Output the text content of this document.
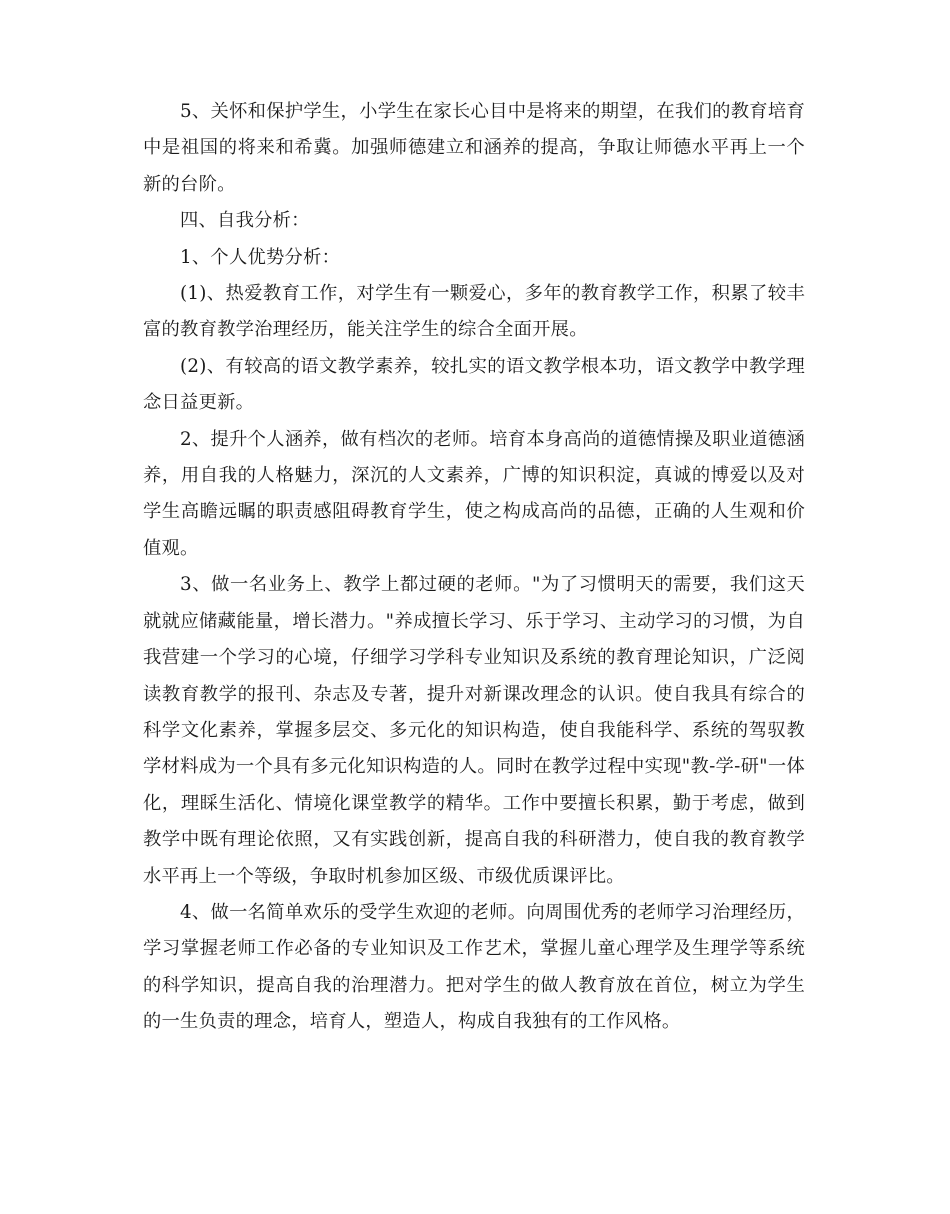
5、关怀和保护学生，小学生在家长心目中是将来的期望，在我们的教育培育中是祖国的将来和希冀。加强师德建立和涵养的提高，争取让师德水平再上一个新的台阶。

四、自我分析：

1、个人优势分析：

(1)、热爱教育工作，对学生有一颗爱心，多年的教育教学工作，积累了较丰富的教育教学治理经历，能关注学生的综合全面开展。

(2)、有较高的语文教学素养，较扎实的语文教学根本功，语文教学中教学理念日益更新。

2、提升个人涵养，做有档次的老师。培育本身高尚的道德情操及职业道德涵养，用自我的人格魅力，深沉的人文素养，广博的知识积淀，真诚的博爱以及对学生高瞻远瞩的职责感阻碍教育学生，使之构成高尚的品德，正确的人生观和价值观。

3、做一名业务上、教学上都过硬的老师。"为了习惯明天的需要，我们这天就就应储藏能量，增长潜力。"养成擅长学习、乐于学习、主动学习的习惯，为自我营建一个学习的心境，仔细学习学科专业知识及系统的教育理论知识，广泛阅读教育教学的报刊、杂志及专著，提升对新课改理念的认识。使自我具有综合的科学文化素养，掌握多层交、多元化的知识构造，使自我能科学、系统的驾驭教学材料成为一个具有多元化知识构造的人。同时在教学过程中实现"教-学-研"一体化，理睬生活化、情境化课堂教学的精华。工作中要擅长积累，勤于考虑，做到教学中既有理论依照，又有实践创新，提高自我的科研潜力，使自我的教育教学水平再上一个等级，争取时机参加区级、市级优质课评比。

4、做一名简单欢乐的受学生欢迎的老师。向周围优秀的老师学习治理经历，学习掌握老师工作必备的专业知识及工作艺术，掌握儿童心理学及生理学等系统的科学知识，提高自我的治理潜力。把对学生的做人教育放在首位，树立为学生的一生负责的理念，培育人，塑造人，构成自我独有的工作风格。
